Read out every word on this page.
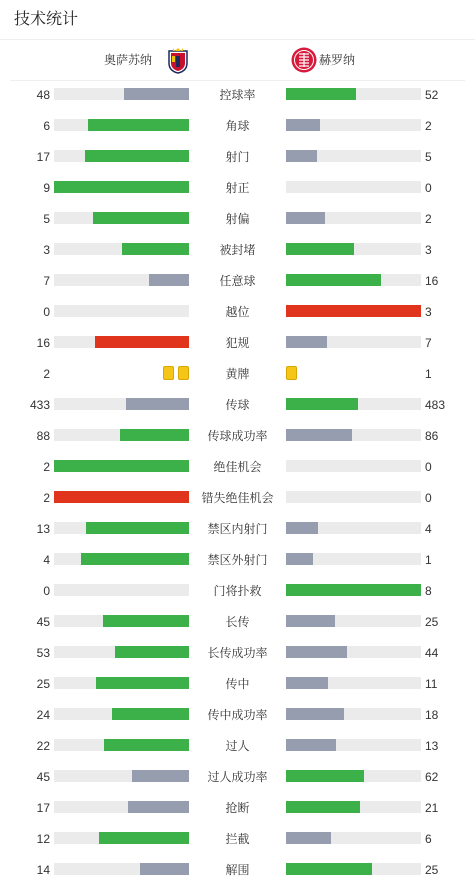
技术统计
奥萨苏纳	赫罗纳
48	控球率	52
6	角球	2
17	射门	5
9	射正	0
5	射偏	2
3	被封堵	3
7	任意球	16
0	越位	3
16	犯规	7
2	黄牌	1
433	传球	483
88	传球成功率	86
2	绝佳机会	0
2	错失绝佳机会	0
13	禁区内射门	4
4	禁区外射门	1
0	门将扑救	8
45	长传	25
53	长传成功率	44
25	传中	11
24	传中成功率	18
22	过人	13
45	过人成功率	62
17	抢断	21
12	拦截	6
14	解围	25
